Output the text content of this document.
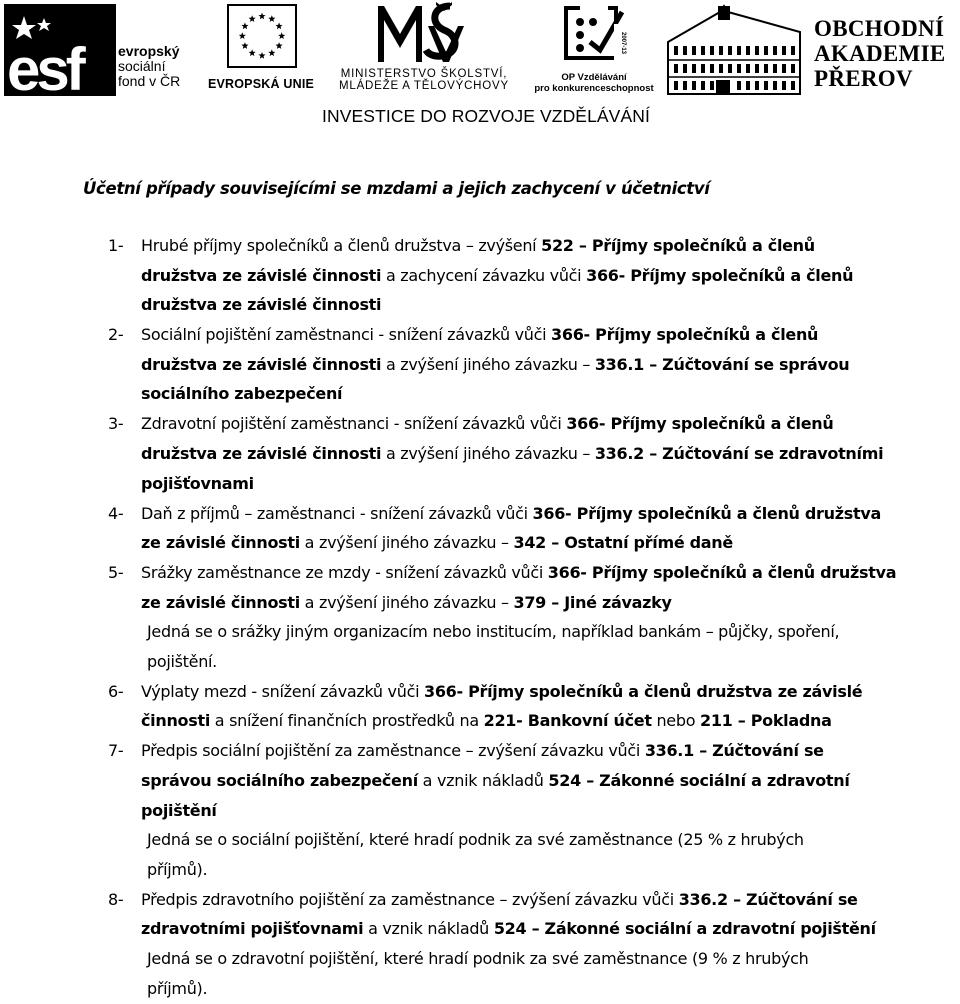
esf	evropský
sociální
fond v ČR EVROPSKÁ UNIE
MINISTERSTVO ŠKOLSTVÍ,
MLÁDEŽE A TĚLOVÝCHOVY
2007-13
OP Vzdělávání
pro konkurenceschopnost
OBCHODNÍ
AKADEMIE
PŘEROV
INVESTICE DO ROZVOJE VZDĚLÁVÁNÍ
Účetní případy souvisejícími se mzdami a jejich zachycení v účetnictví
1- Hrubé příjmy společníků a členů družstva – zvýšení 522 – Příjmy společníků a členů
družstva ze závislé činnosti a zachycení závazku vůči 366- Příjmy společníků a členů
družstva ze závislé činnosti
2- Sociální pojištění zaměstnanci - snížení závazků vůči 366- Příjmy společníků a členů
družstva ze závislé činnosti a zvýšení jiného závazku – 336.1 – Zúčtování se správou
sociálního zabezpečení
3- Zdravotní pojištění zaměstnanci - snížení závazků vůči 366- Příjmy společníků a členů
družstva ze závislé činnosti a zvýšení jiného závazku – 336.2 – Zúčtování se zdravotními
pojišťovnami
4- Daň z příjmů – zaměstnanci - snížení závazků vůči 366- Příjmy společníků a členů družstva
ze závislé činnosti a zvýšení jiného závazku – 342 – Ostatní přímé daně
5- Srážky zaměstnance ze mzdy - snížení závazků vůči 366- Příjmy společníků a členů družstva
ze závislé činnosti a zvýšení jiného závazku – 379 – Jiné závazky
Jedná se o srážky jiným organizacím nebo institucím, například bankám – půjčky, spoření,
pojištění.
6- Výplaty mezd - snížení závazků vůči 366- Příjmy společníků a členů družstva ze závislé
činnosti a snížení finančních prostředků na 221- Bankovní účet nebo 211 – Pokladna
7- Předpis sociální pojištění za zaměstnance – zvýšení závazku vůči 336.1 – Zúčtování se
správou sociálního zabezpečení a vznik nákladů 524 – Zákonné sociální a zdravotní
pojištění
Jedná se o sociální pojištění, které hradí podnik za své zaměstnance (25 % z hrubých
příjmů).
8- Předpis zdravotního pojištění za zaměstnance – zvýšení závazku vůči 336.2 – Zúčtování se
zdravotními pojišťovnami a vznik nákladů 524 – Zákonné sociální a zdravotní pojištění
Jedná se o zdravotní pojištění, které hradí podnik za své zaměstnance (9 % z hrubých
příjmů).
